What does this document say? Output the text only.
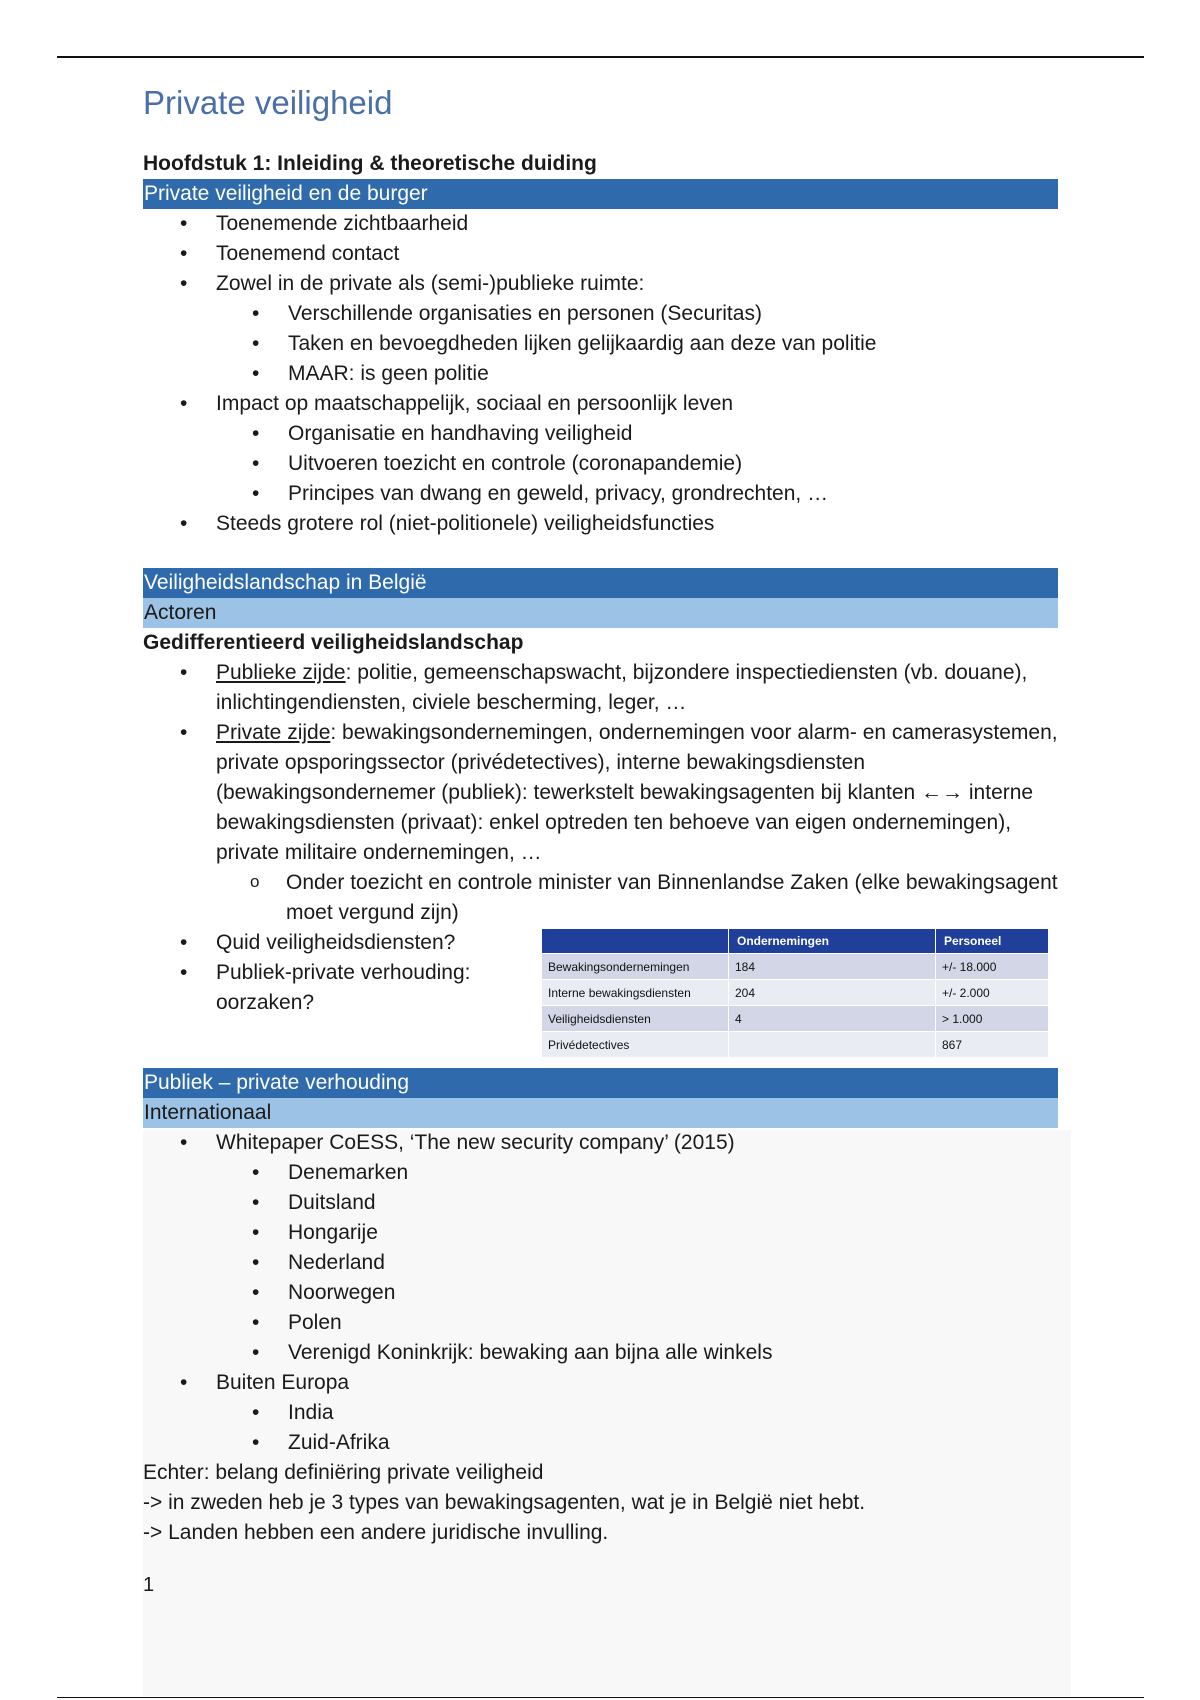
Private veiligheid
Hoofdstuk 1: Inleiding & theoretische duiding
Private veiligheid en de burger
• Toenemende zichtbaarheid
• Toenemend contact
• Zowel in de private als (semi-)publieke ruimte:
• Verschillende organisaties en personen (Securitas)
• Taken en bevoegdheden lijken gelijkaardig aan deze van politie
• MAAR: is geen politie
• Impact op maatschappelijk, sociaal en persoonlijk leven
• Organisatie en handhaving veiligheid
• Uitvoeren toezicht en controle (coronapandemie)
• Principes van dwang en geweld, privacy, grondrechten, …
• Steeds grotere rol (niet-politionele) veiligheidsfuncties
Veiligheidslandschap in België
Actoren
Gedifferentieerd veiligheidslandschap
• Publieke zijde: politie, gemeenschapswacht, bijzondere inspectiediensten (vb. douane), inlichtingendiensten, civiele bescherming, leger, …
• Private zijde: bewakingsondernemingen, ondernemingen voor alarm- en camerasystemen, private opsporingssector (privédetectives), interne bewakingsdiensten (bewakingsondernemer (publiek): tewerkstelt bewakingsagenten bij klanten ←→ interne bewakingsdiensten (privaat): enkel optreden ten behoeve van eigen ondernemingen), private militaire ondernemingen, …
o Onder toezicht en controle minister van Binnenlandse Zaken (elke bewakingsagent moet vergund zijn)
• Quid veiligheidsdiensten?
• Publiek-private verhouding: oorzaken?
	Ondernemingen	Personeel
Bewakingsondernemingen	184	+/- 18.000
Interne bewakingsdiensten	204	+/- 2.000
Veiligheidsdiensten	4	> 1.000
Privédetectives		867
Publiek – private verhouding
Internationaal
• Whitepaper CoESS, ‘The new security company’ (2015)
• Denemarken
• Duitsland
• Hongarije
• Nederland
• Noorwegen
• Polen
• Verenigd Koninkrijk: bewaking aan bijna alle winkels
• Buiten Europa
• India
• Zuid-Afrika
Echter: belang definiëring private veiligheid
-> in zweden heb je 3 types van bewakingsagenten, wat je in België niet hebt.
-> Landen hebben een andere juridische invulling.
1
